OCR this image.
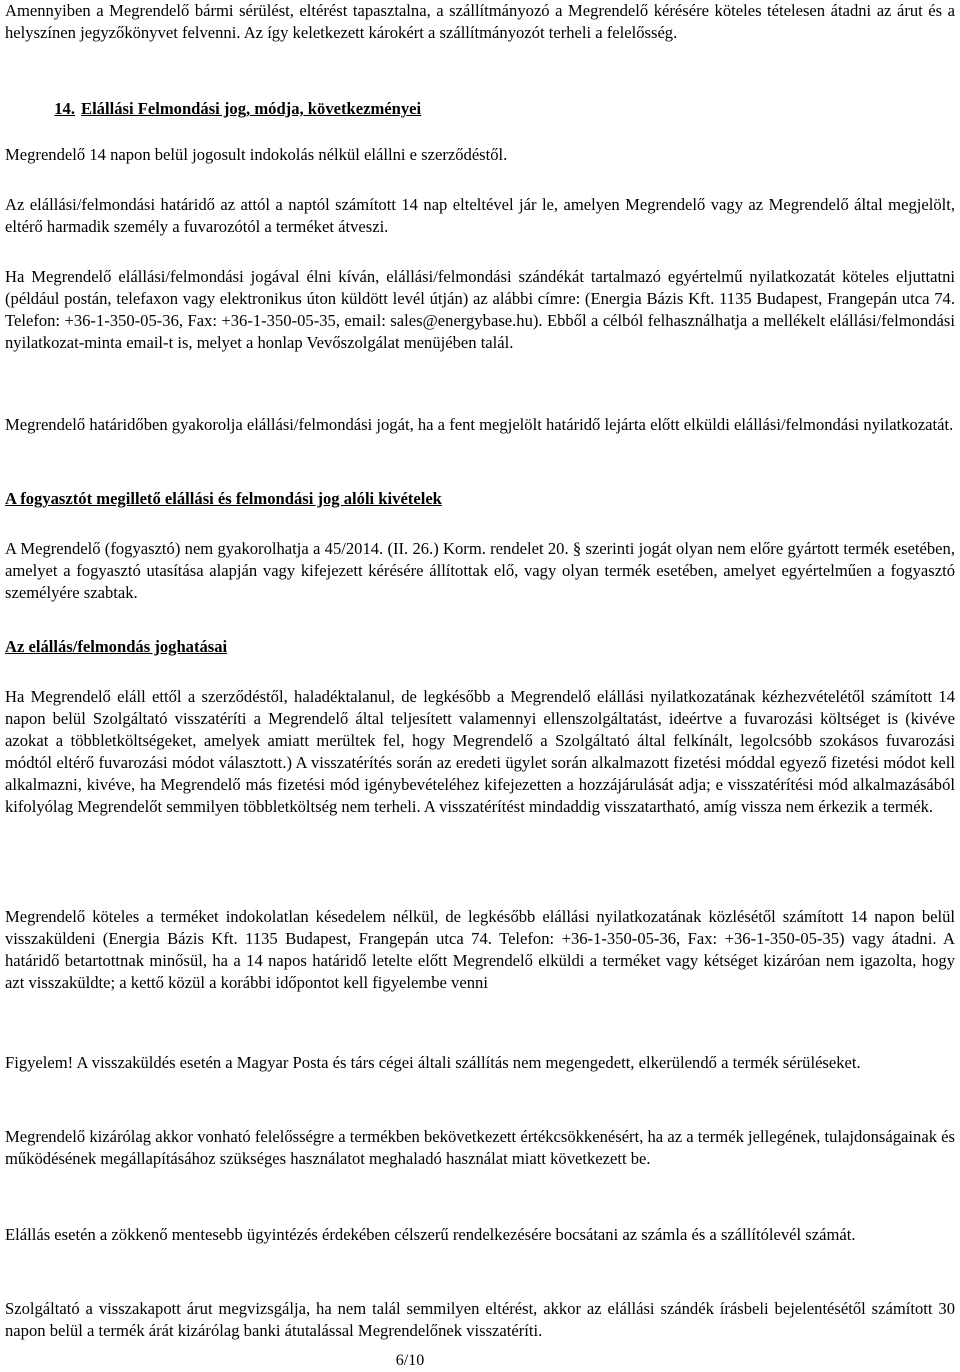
Amennyiben a Megrendelő bármi sérülést, eltérést tapasztalna, a szállítmányozó a Megrendelő kérésére köteles tételesen átadni az árut és a helyszínen jegyzőkönyvet felvenni. Az így keletkezett károkért a szállítmányozót terheli a felelősség.

14. Elállási Felmondási jog, módja, következményei

Megrendelő 14 napon belül jogosult indokolás nélkül elállni e szerződéstől.

Az elállási/felmondási határidő az attól a naptól számított 14 nap elteltével jár le, amelyen Megrendelő vagy az Megrendelő által megjelölt, eltérő harmadik személy a fuvarozótól a terméket átveszi.

Ha Megrendelő elállási/felmondási jogával élni kíván, elállási/felmondási szándékát tartalmazó egyértelmű nyilatkozatát köteles eljuttatni (például postán, telefaxon vagy elektronikus úton küldött levél útján) az alábbi címre: (Energia Bázis Kft. 1135 Budapest, Frangepán utca 74. Telefon: +36-1-350-05-36, Fax: +36-1-350-05-35, email: sales@energybase.hu). Ebből a célból felhasználhatja a mellékelt elállási/felmondási nyilatkozat-minta email-t is, melyet a honlap Vevőszolgálat menüjében talál.

Megrendelő határidőben gyakorolja elállási/felmondási jogát, ha a fent megjelölt határidő lejárta előtt elküldi elállási/felmondási nyilatkozatát.

A fogyasztót megillető elállási és felmondási jog alóli kivételek

A Megrendelő (fogyasztó) nem gyakorolhatja a 45/2014. (II. 26.) Korm. rendelet 20. § szerinti jogát olyan nem előre gyártott termék esetében, amelyet a fogyasztó utasítása alapján vagy kifejezett kérésére állítottak elő, vagy olyan termék esetében, amelyet egyértelműen a fogyasztó személyére szabtak.

Az elállás/felmondás joghatásai

Ha Megrendelő eláll ettől a szerződéstől, haladéktalanul, de legkésőbb a Megrendelő elállási nyilatkozatának kézhezvételétől számított 14 napon belül Szolgáltató visszatéríti a Megrendelő által teljesített valamennyi ellenszolgáltatást, ideértve a fuvarozási költséget is (kivéve azokat a többletköltségeket, amelyek amiatt merültek fel, hogy Megrendelő a Szolgáltató által felkínált, legolcsóbb szokásos fuvarozási módtól eltérő fuvarozási módot választott.) A visszatérítés során az eredeti ügylet során alkalmazott fizetési móddal egyező fizetési módot kell alkalmazni, kivéve, ha Megrendelő más fizetési mód igénybevételéhez kifejezetten a hozzájárulását adja; e visszatérítési mód alkalmazásából kifolyólag Megrendelőt semmilyen többletköltség nem terheli. A visszatérítést mindaddig visszatartható, amíg vissza nem érkezik a termék.

Megrendelő köteles a terméket indokolatlan késedelem nélkül, de legkésőbb elállási nyilatkozatának közlésétől számított 14 napon belül visszaküldeni (Energia Bázis Kft. 1135 Budapest, Frangepán utca 74. Telefon: +36-1-350-05-36, Fax: +36-1-350-05-35) vagy átadni. A határidő betartottnak minősül, ha a 14 napos határidő letelte előtt Megrendelő elküldi a terméket vagy kétséget kizáróan nem igazolta, hogy azt visszaküldte; a kettő közül a korábbi időpontot kell figyelembe venni

Figyelem! A visszaküldés esetén a Magyar Posta és társ cégei általi szállítás nem megengedett, elkerülendő a termék sérüléseket.

Megrendelő kizárólag akkor vonható felelősségre a termékben bekövetkezett értékcsökkenésért, ha az a termék jellegének, tulajdonságainak és működésének megállapításához szükséges használatot meghaladó használat miatt következett be.

Elállás esetén a zökkenő mentesebb ügyintézés érdekében célszerű rendelkezésére bocsátani az számla és a szállítólevél számát.

Szolgáltató a visszakapott árut megvizsgálja, ha nem talál semmilyen eltérést, akkor az elállási szándék írásbeli bejelentésétől számított 30 napon belül a termék árát kizárólag banki átutalással Megrendelőnek visszatéríti.

6/10
